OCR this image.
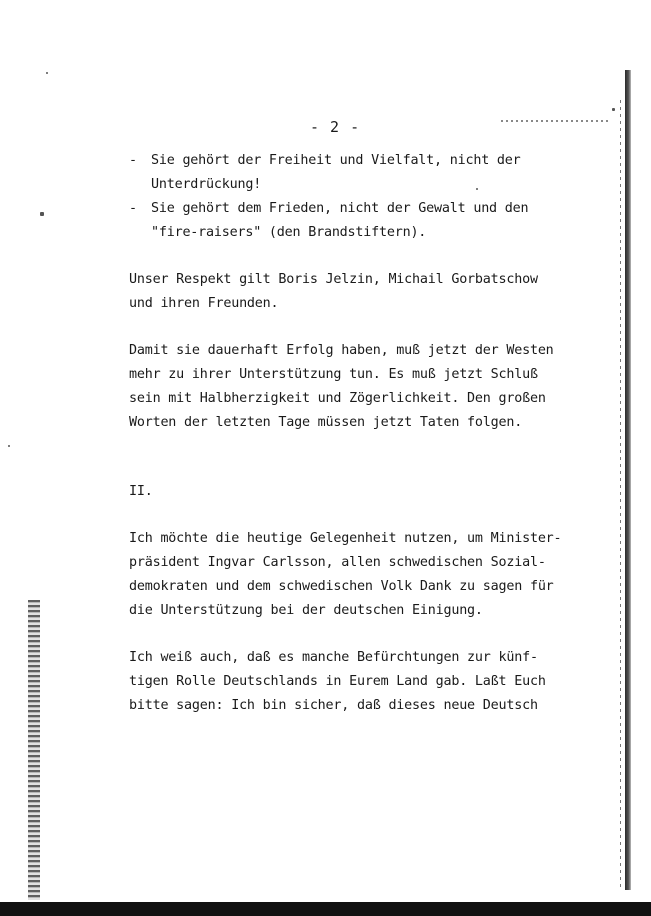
- 2 -
- Sie gehört der Freiheit und Vielfalt, nicht der
Unterdrückung!
- Sie gehört dem Frieden, nicht der Gewalt und den
"fire-raisers" (den Brandstiftern).
Unser Respekt gilt Boris Jelzin, Michail Gorbatschow
und ihren Freunden.
Damit sie dauerhaft Erfolg haben, muß jetzt der Westen
mehr zu ihrer Unterstützung tun. Es muß jetzt Schluß
sein mit Halbherzigkeit und Zögerlichkeit. Den großen
Worten der letzten Tage müssen jetzt Taten folgen.
II.
Ich möchte die heutige Gelegenheit nutzen, um Minister-
präsident Ingvar Carlsson, allen schwedischen Sozial-
demokraten und dem schwedischen Volk Dank zu sagen für
die Unterstützung bei der deutschen Einigung.
Ich weiß auch, daß es manche Befürchtungen zur künf-
tigen Rolle Deutschlands in Eurem Land gab. Laßt Euch
bitte sagen: Ich bin sicher, daß dieses neue Deutsch
